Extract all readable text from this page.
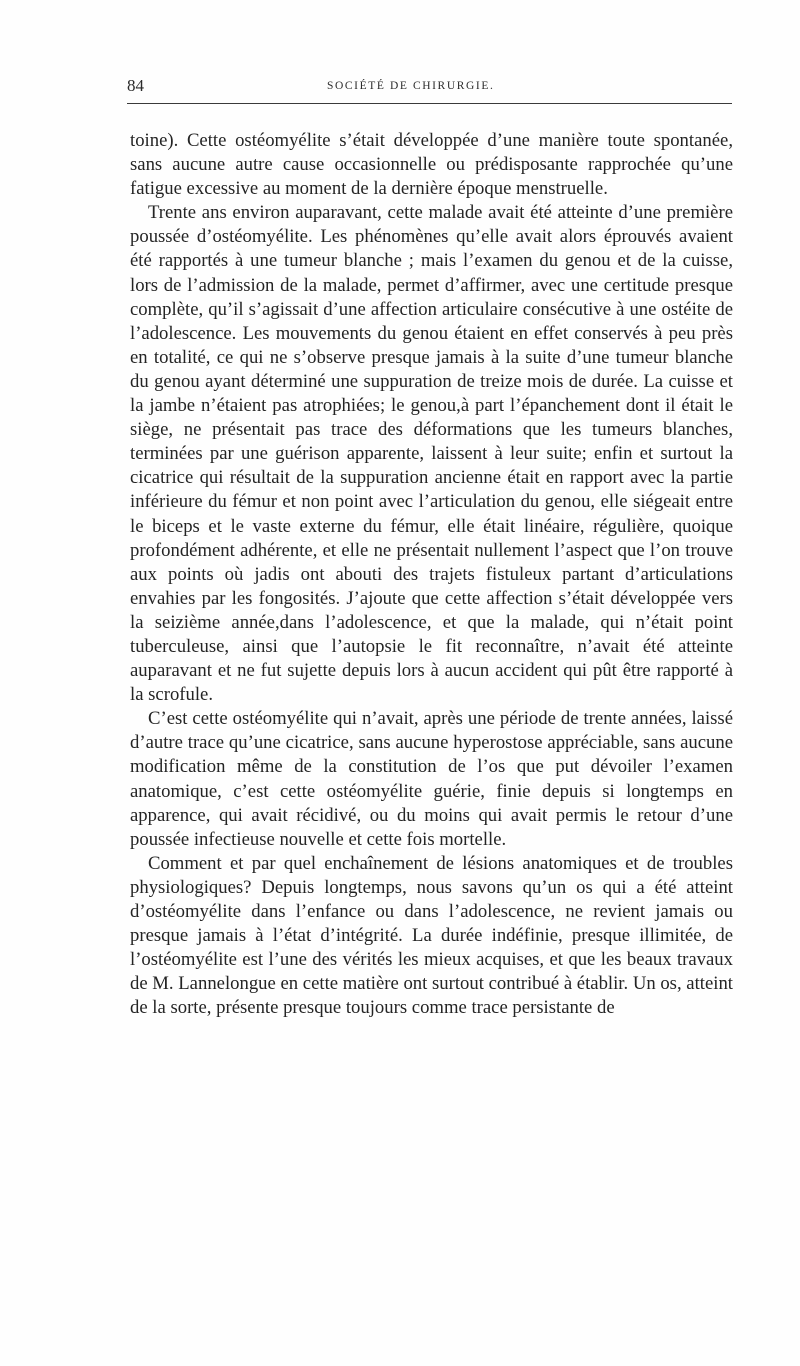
84	SOCIÉTÉ DE CHIRURGIE.

toine). Cette ostéomyélite s’était développée d’une manière toute spontanée, sans aucune autre cause occasionnelle ou prédisposante rapprochée qu’une fatigue excessive au moment de la dernière époque menstruelle.

Trente ans environ auparavant, cette malade avait été atteinte d’une première poussée d’ostéomyélite. Les phénomènes qu’elle avait alors éprouvés avaient été rapportés à une tumeur blanche ; mais l’examen du genou et de la cuisse, lors de l’admission de la malade, permet d’affirmer, avec une certitude presque complète, qu’il s’agissait d’une affection articulaire consécutive à une ostéite de l’adolescence. Les mouvements du genou étaient en effet conservés à peu près en totalité, ce qui ne s’observe presque jamais à la suite d’une tumeur blanche du genou ayant déterminé une suppuration de treize mois de durée. La cuisse et la jambe n’étaient pas atrophiées; le genou,à part l’épanchement dont il était le siège, ne présentait pas trace des déformations que les tumeurs blanches, terminées par une guérison apparente, laissent à leur suite; enfin et surtout la cicatrice qui résultait de la suppuration ancienne était en rapport avec la partie inférieure du fémur et non point avec l’articulation du genou, elle siégeait entre le biceps et le vaste externe du fémur, elle était linéaire, régulière, quoique profondément adhérente, et elle ne présentait nullement l’aspect que l’on trouve aux points où jadis ont abouti des trajets fistuleux partant d’articulations envahies par les fongosités. J’ajoute que cette affection s’était développée vers la seizième année,dans l’adolescence, et que la malade, qui n’était point tuberculeuse, ainsi que l’autopsie le fit reconnaître, n’avait été atteinte auparavant et ne fut sujette depuis lors à aucun accident qui pût être rapporté à la scrofule.

C’est cette ostéomyélite qui n’avait, après une période de trente années, laissé d’autre trace qu’une cicatrice, sans aucune hyperostose appréciable, sans aucune modification même de la constitution de l’os que put dévoiler l’examen anatomique, c’est cette ostéomyélite guérie, finie depuis si longtemps en apparence, qui avait récidivé, ou du moins qui avait permis le retour d’une poussée infectieuse nouvelle et cette fois mortelle.

Comment et par quel enchaînement de lésions anatomiques et de troubles physiologiques? Depuis longtemps, nous savons qu’un os qui a été atteint d’ostéomyélite dans l’enfance ou dans l’adolescence, ne revient jamais ou presque jamais à l’état d’intégrité. La durée indéfinie, presque illimitée, de l’ostéomyélite est l’une des vérités les mieux acquises, et que les beaux travaux de M. Lannelongue en cette matière ont surtout contribué à établir. Un os, atteint de la sorte, présente presque toujours comme trace persistante de
